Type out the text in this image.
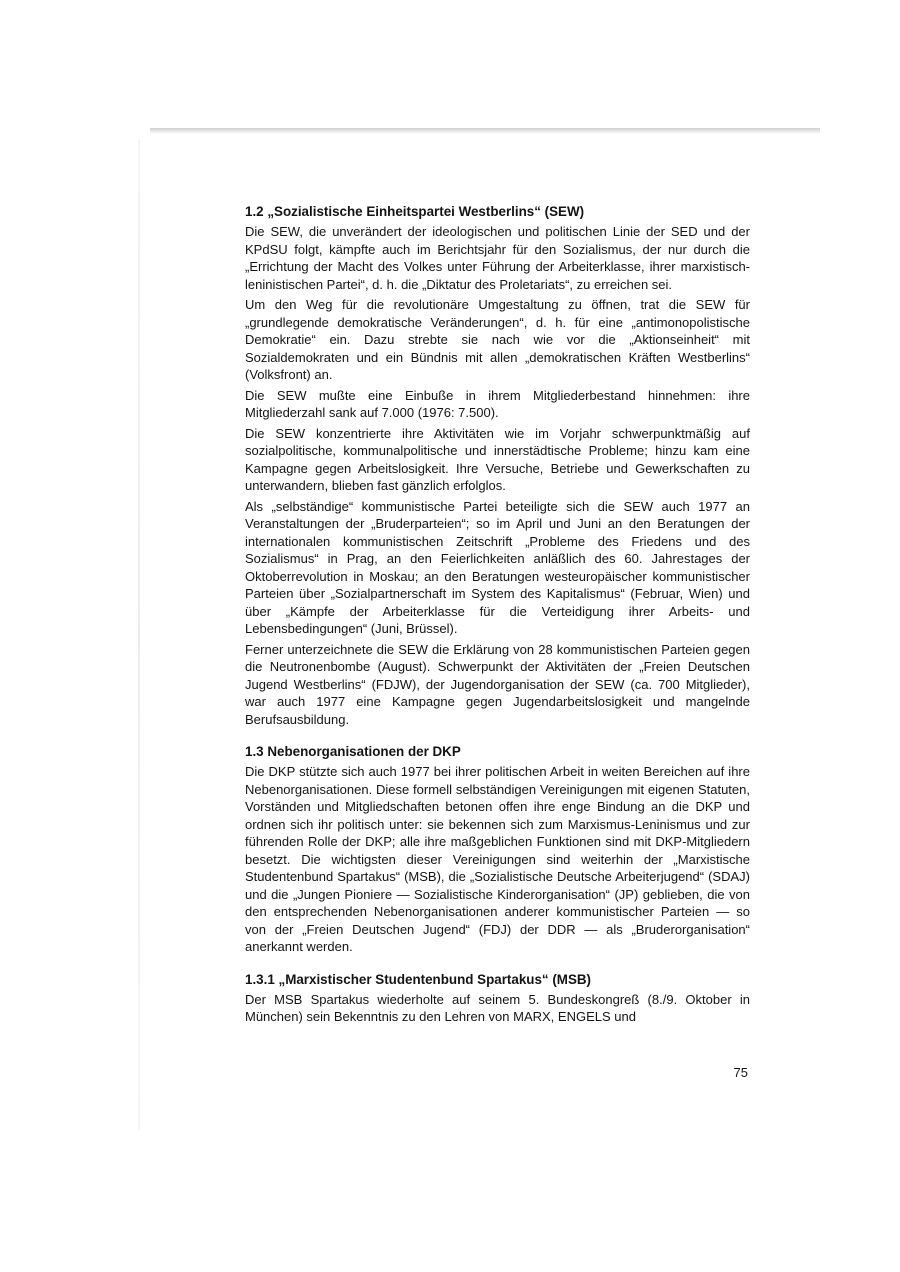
1.2 „Sozialistische Einheitspartei Westberlins“ (SEW)

Die SEW, die unverändert der ideologischen und politischen Linie der SED und der KPdSU folgt, kämpfte auch im Berichtsjahr für den Sozialismus, der nur durch die „Errichtung der Macht des Volkes unter Führung der Arbeiterklasse, ihrer marxistisch-leninistischen Partei“, d. h. die „Diktatur des Proletariats“, zu erreichen sei.

Um den Weg für die revolutionäre Umgestaltung zu öffnen, trat die SEW für „grundlegende demokratische Veränderungen“, d. h. für eine „antimonopolistische Demokratie“ ein. Dazu strebte sie nach wie vor die „Aktionseinheit“ mit Sozialdemokraten und ein Bündnis mit allen „demokratischen Kräften Westberlins“ (Volksfront) an.

Die SEW mußte eine Einbuße in ihrem Mitgliederbestand hinnehmen: ihre Mitgliederzahl sank auf 7.000 (1976: 7.500).

Die SEW konzentrierte ihre Aktivitäten wie im Vorjahr schwerpunktmäßig auf sozialpolitische, kommunalpolitische und innerstädtische Probleme; hinzu kam eine Kampagne gegen Arbeitslosigkeit. Ihre Versuche, Betriebe und Gewerkschaften zu unterwandern, blieben fast gänzlich erfolglos.

Als „selbständige“ kommunistische Partei beteiligte sich die SEW auch 1977 an Veranstaltungen der „Bruderparteien“; so im April und Juni an den Beratungen der internationalen kommunistischen Zeitschrift „Probleme des Friedens und des Sozialismus“ in Prag, an den Feierlichkeiten anläßlich des 60. Jahrestages der Oktoberrevolution in Moskau; an den Beratungen westeuropäischer kommunistischer Parteien über „Sozialpartnerschaft im System des Kapitalismus“ (Februar, Wien) und über „Kämpfe der Arbeiterklasse für die Verteidigung ihrer Arbeits- und Lebensbedingungen“ (Juni, Brüssel).

Ferner unterzeichnete die SEW die Erklärung von 28 kommunistischen Parteien gegen die Neutronenbombe (August). Schwerpunkt der Aktivitäten der „Freien Deutschen Jugend Westberlins“ (FDJW), der Jugendorganisation der SEW (ca. 700 Mitglieder), war auch 1977 eine Kampagne gegen Jugendarbeitslosigkeit und mangelnde Berufsausbildung.

1.3 Nebenorganisationen der DKP

Die DKP stützte sich auch 1977 bei ihrer politischen Arbeit in weiten Bereichen auf ihre Nebenorganisationen. Diese formell selbständigen Vereinigungen mit eigenen Statuten, Vorständen und Mitgliedschaften betonen offen ihre enge Bindung an die DKP und ordnen sich ihr politisch unter: sie bekennen sich zum Marxismus-Leninismus und zur führenden Rolle der DKP; alle ihre maßgeblichen Funktionen sind mit DKP-Mitgliedern besetzt. Die wichtigsten dieser Vereinigungen sind weiterhin der „Marxistische Studentenbund Spartakus“ (MSB), die „Sozialistische Deutsche Arbeiterjugend“ (SDAJ) und die „Jungen Pioniere — Sozialistische Kinderorganisation“ (JP) geblieben, die von den entsprechenden Nebenorganisationen anderer kommunistischer Parteien — so von der „Freien Deutschen Jugend“ (FDJ) der DDR — als „Bruderorganisation“ anerkannt werden.

1.3.1 „Marxistischer Studentenbund Spartakus“ (MSB)

Der MSB Spartakus wiederholte auf seinem 5. Bundeskongreß (8./9. Oktober in München) sein Bekenntnis zu den Lehren von MARX, ENGELS und

75
